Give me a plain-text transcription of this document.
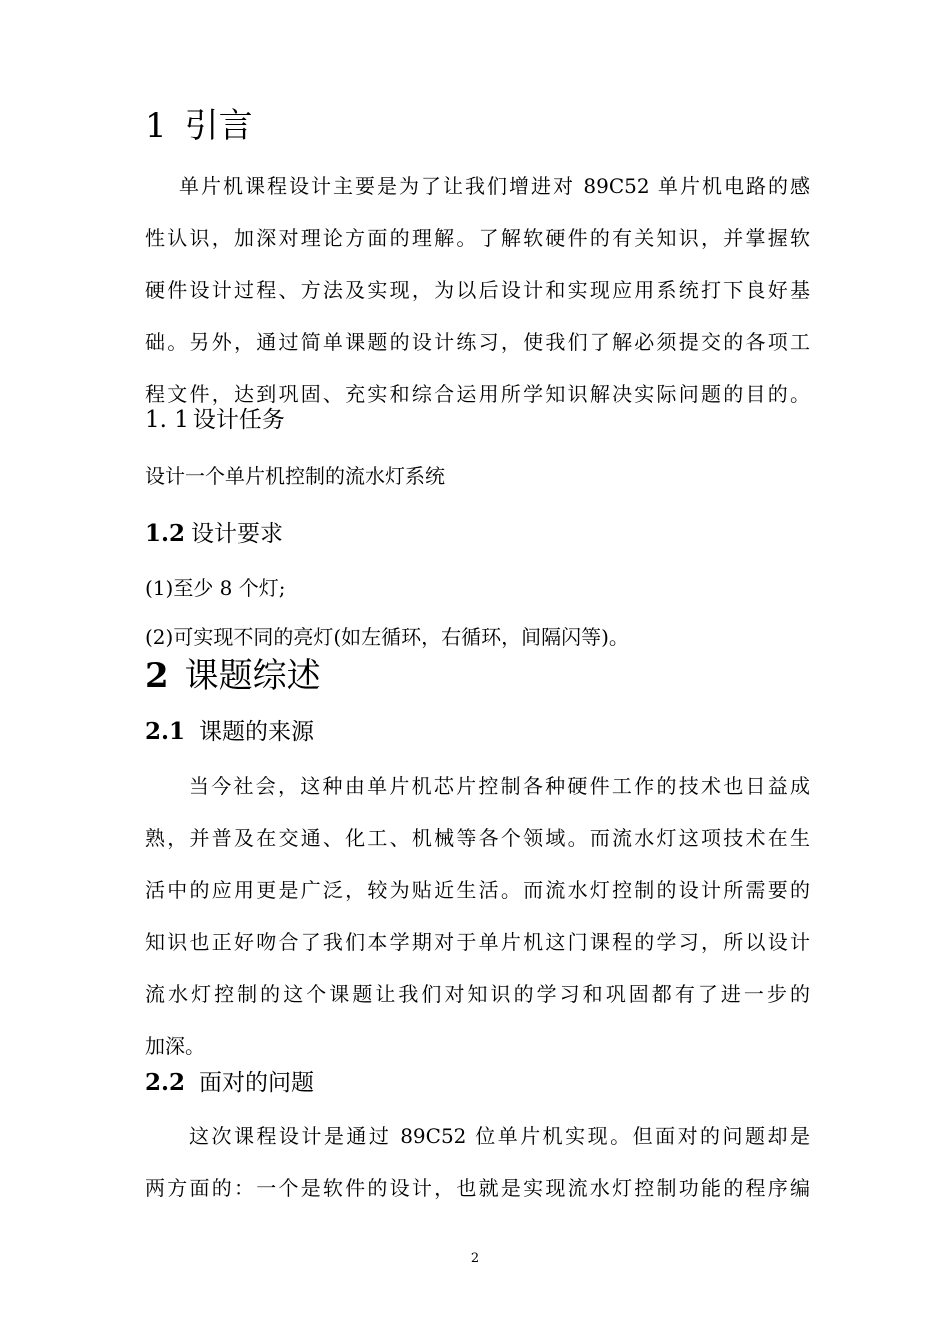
1 引言
单片机课程设计主要是为了让我们增进对 89C52 单片机电路的感
性认识，加深对理论方面的理解。了解软硬件的有关知识，并掌握软
硬件设计过程、方法及实现，为以后设计和实现应用系统打下良好基
础。另外，通过简单课题的设计练习，使我们了解必须提交的各项工
程文件，达到巩固、充实和综合运用所学知识解决实际问题的目的。
1. 1 设计任务

设计一个单片机控制的流水灯系统

1.2 设计要求

(1)至少 8 个灯;

(2)可实现不同的亮灯(如左循环，右循环，间隔闪等)。

2 课题综述
2.1 课题的来源
当今社会，这种由单片机芯片控制各种硬件工作的技术也日益成
熟，并普及在交通、化工、机械等各个领域。而流水灯这项技术在生
活中的应用更是广泛，较为贴近生活。而流水灯控制的设计所需要的
知识也正好吻合了我们本学期对于单片机这门课程的学习，所以设计
流水灯控制的这个课题让我们对知识的学习和巩固都有了进一步的
加深。
2.2 面对的问题
这次课程设计是通过 89C52 位单片机实现。但面对的问题却是
两方面的：一个是软件的设计，也就是实现流水灯控制功能的程序编
2
